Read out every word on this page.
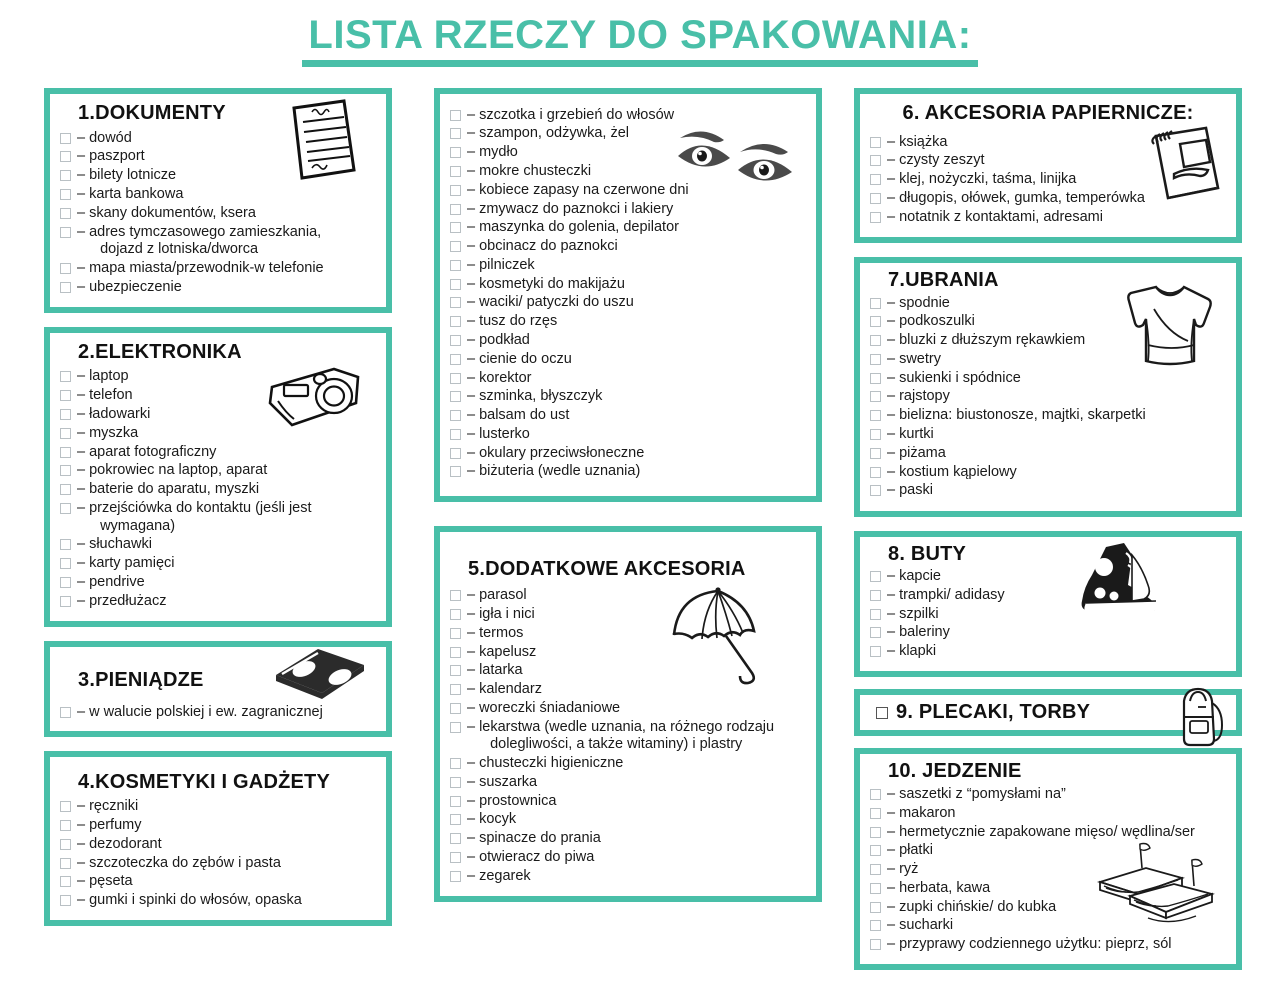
LISTA RZECZY DO SPAKOWANIA:
1.DOKUMENTY
– dowód
– paszport
– bilety lotnicze
– karta bankowa
– skany dokumentów, ksera
– adres tymczasowego zamieszkania,
dojazd z lotniska/dworca
– mapa miasta/przewodnik-w telefonie
– ubezpieczenie
2.ELEKTRONIKA
– laptop
– telefon
– ładowarki
– myszka
– aparat fotograficzny
– pokrowiec na laptop, aparat
– baterie do aparatu, myszki
– przejściówka do kontaktu (jeśli jest
wymagana)
– słuchawki
– karty pamięci
– pendrive
– przedłużacz
3.PIENIĄDZE
– w walucie polskiej i ew. zagranicznej
4.KOSMETYKI I GADŻETY
– ręczniki
– perfumy
– dezodorant
– szczoteczka do zębów i pasta
– pęseta
– gumki i spinki do włosów, opaska
– szczotka i grzebień do włosów
– szampon, odżywka, żel
– mydło
– mokre chusteczki
– kobiece zapasy na czerwone dni
– zmywacz do paznokci i lakiery
– maszynka do golenia, depilator
– obcinacz do paznokci
– pilniczek
– kosmetyki do makijażu
– waciki/ patyczki do uszu
– tusz do rzęs
– podkład
– cienie do oczu
– korektor
– szminka, błyszczyk
– balsam do ust
– lusterko
– okulary przeciwsłoneczne
– biżuteria (wedle uznania)
5.DODATKOWE AKCESORIA
– parasol
– igła i nici
– termos
– kapelusz
– latarka
– kalendarz
– woreczki śniadaniowe
– lekarstwa (wedle uznania, na różnego rodzaju
dolegliwości, a także witaminy) i plastry
– chusteczki higieniczne
– suszarka
– prostownica
– kocyk
– spinacze do prania
– otwieracz do piwa
– zegarek
6. AKCESORIA PAPIERNICZE:
– książka
– czysty zeszyt
– klej, nożyczki, taśma, linijka
– długopis, ołówek, gumka, temperówka
– notatnik z kontaktami, adresami
7.UBRANIA
– spodnie
– podkoszulki
– bluzki z dłuższym rękawkiem
– swetry
– sukienki i spódnice
– rajstopy
– bielizna: biustonosze, majtki, skarpetki
– kurtki
– piżama
– kostium kąpielowy
– paski
8. BUTY
– kapcie
– trampki/ adidasy
– szpilki
– baleriny
– klapki
9. PLECAKI, TORBY
10. JEDZENIE
– saszetki z “pomysłami na”
– makaron
– hermetycznie zapakowane mięso/ wędlina/ser
– płatki
– ryż
– herbata, kawa
– zupki chińskie/ do kubka
– sucharki
– przyprawy codziennego użytku: pieprz, sól
